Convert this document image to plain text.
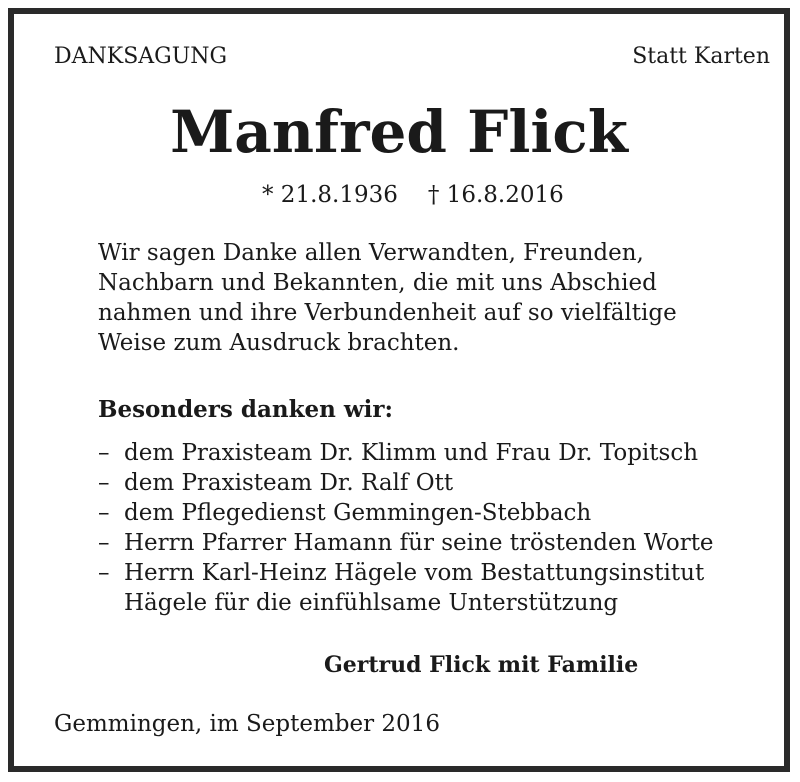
DANKSAGUNG	Statt Karten
Manfred Flick
* 21.8.1936 † 16.8.2016
Wir sagen Danke allen Verwandten, Freunden,
Nachbarn und Bekannten, die mit uns Abschied
nahmen und ihre Verbundenheit auf so vielfältige
Weise zum Ausdruck brachten.
Besonders danken wir:
– dem Praxisteam Dr. Klimm und Frau Dr. Topitsch
– dem Praxisteam Dr. Ralf Ott
– dem Pflegedienst Gemmingen-Stebbach
– Herrn Pfarrer Hamann für seine tröstenden Worte
– Herrn Karl-Heinz Hägele vom Bestattungsinstitut
Hägele für die einfühlsame Unterstützung
Gertrud Flick mit Familie
Gemmingen, im September 2016
